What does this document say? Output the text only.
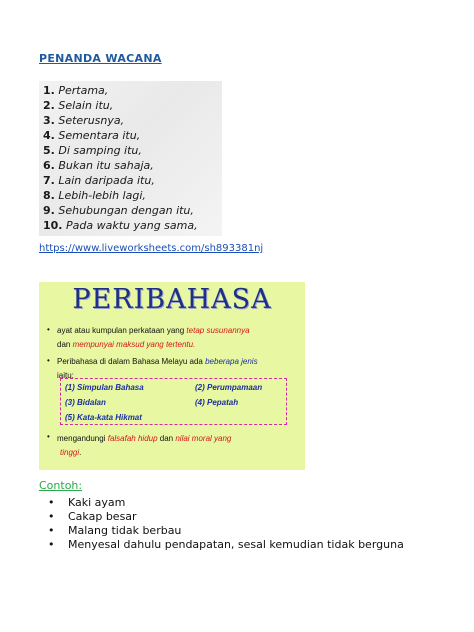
PENANDA WACANA
1. Pertama,
2. Selain itu,
3. Seterusnya,
4. Sementara itu,
5. Di samping itu,
6. Bukan itu sahaja,
7. Lain daripada itu,
8. Lebih-lebih lagi,
9. Sehubungan dengan itu,
10. Pada waktu yang sama,
https://www.liveworksheets.com/sh893381nj
PERIBAHASA
• ayat atau kumpulan perkataan yang tetap susunannya
dan mempunyai maksud yang tertentu.
• Peribahasa di dalam Bahasa Melayu ada beberapa jenis
iaitu:
(1) Simpulan Bahasa	(2) Perumpamaan
(3) Bidalan	(4) Pepatah
(5) Kata-kata Hikmat
• mengandungi falsafah hidup dan nilai moral yang
tinggi.
Contoh:
• Kaki ayam
• Cakap besar
• Malang tidak berbau
• Menyesal dahulu pendapatan, sesal kemudian tidak berguna
